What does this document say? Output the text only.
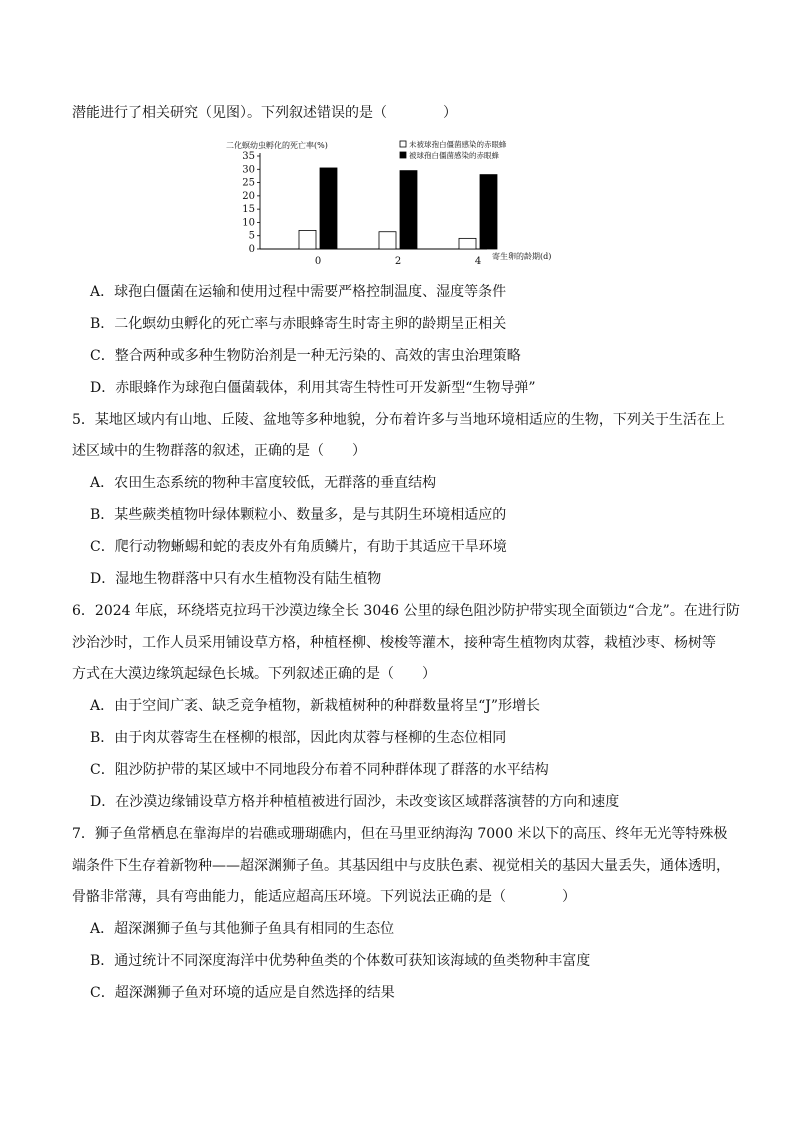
潜能进行了相关研究（见图）。下列叙述错误的是（　　　　）
二化螟幼虫孵化的死亡率(%)	未被球孢白僵菌感染的赤眼蜂
被球孢白僵菌感染的赤眼蜂
0
5
10
15
20
25
30
35
0	2	4 寄生卵的龄期(d)
A．球孢白僵菌在运输和使用过程中需要严格控制温度、湿度等条件
B．二化螟幼虫孵化的死亡率与赤眼蜂寄生时寄主卵的龄期呈正相关
C．整合两种或多种生物防治剂是一种无污染的、高效的害虫治理策略
D．赤眼蜂作为球孢白僵菌载体，利用其寄生特性可开发新型“生物导弹”
5．某地区域内有山地、丘陵、盆地等多种地貌，分布着许多与当地环境相适应的生物，下列关于生活在上
述区域中的生物群落的叙述，正确的是（　　）
A．农田生态系统的物种丰富度较低，无群落的垂直结构
B．某些蕨类植物叶绿体颗粒小、数量多，是与其阴生环境相适应的
C．爬行动物蜥蜴和蛇的表皮外有角质鳞片，有助于其适应干旱环境
D．湿地生物群落中只有水生植物没有陆生植物
6．2024 年底，环绕塔克拉玛干沙漠边缘全长 3046 公里的绿色阻沙防护带实现全面锁边“合龙”。在进行防
沙治沙时，工作人员采用铺设草方格，种植柽柳、梭梭等灌木，接种寄生植物肉苁蓉，栽植沙枣、杨树等
方式在大漠边缘筑起绿色长城。下列叙述正确的是（　　）
A．由于空间广袤、缺乏竞争植物，新栽植树种的种群数量将呈“J”形增长
B．由于肉苁蓉寄生在柽柳的根部，因此肉苁蓉与柽柳的生态位相同
C．阻沙防护带的某区域中不同地段分布着不同种群体现了群落的水平结构
D．在沙漠边缘铺设草方格并种植植被进行固沙，未改变该区域群落演替的方向和速度
7．狮子鱼常栖息在靠海岸的岩礁或珊瑚礁内，但在马里亚纳海沟 7000 米以下的高压、终年无光等特殊极
端条件下生存着新物种——超深渊狮子鱼。其基因组中与皮肤色素、视觉相关的基因大量丢失，通体透明，
骨骼非常薄，具有弯曲能力，能适应超高压环境。下列说法正确的是（　　　　）
A．超深渊狮子鱼与其他狮子鱼具有相同的生态位
B．通过统计不同深度海洋中优势种鱼类的个体数可获知该海域的鱼类物种丰富度
C．超深渊狮子鱼对环境的适应是自然选择的结果
